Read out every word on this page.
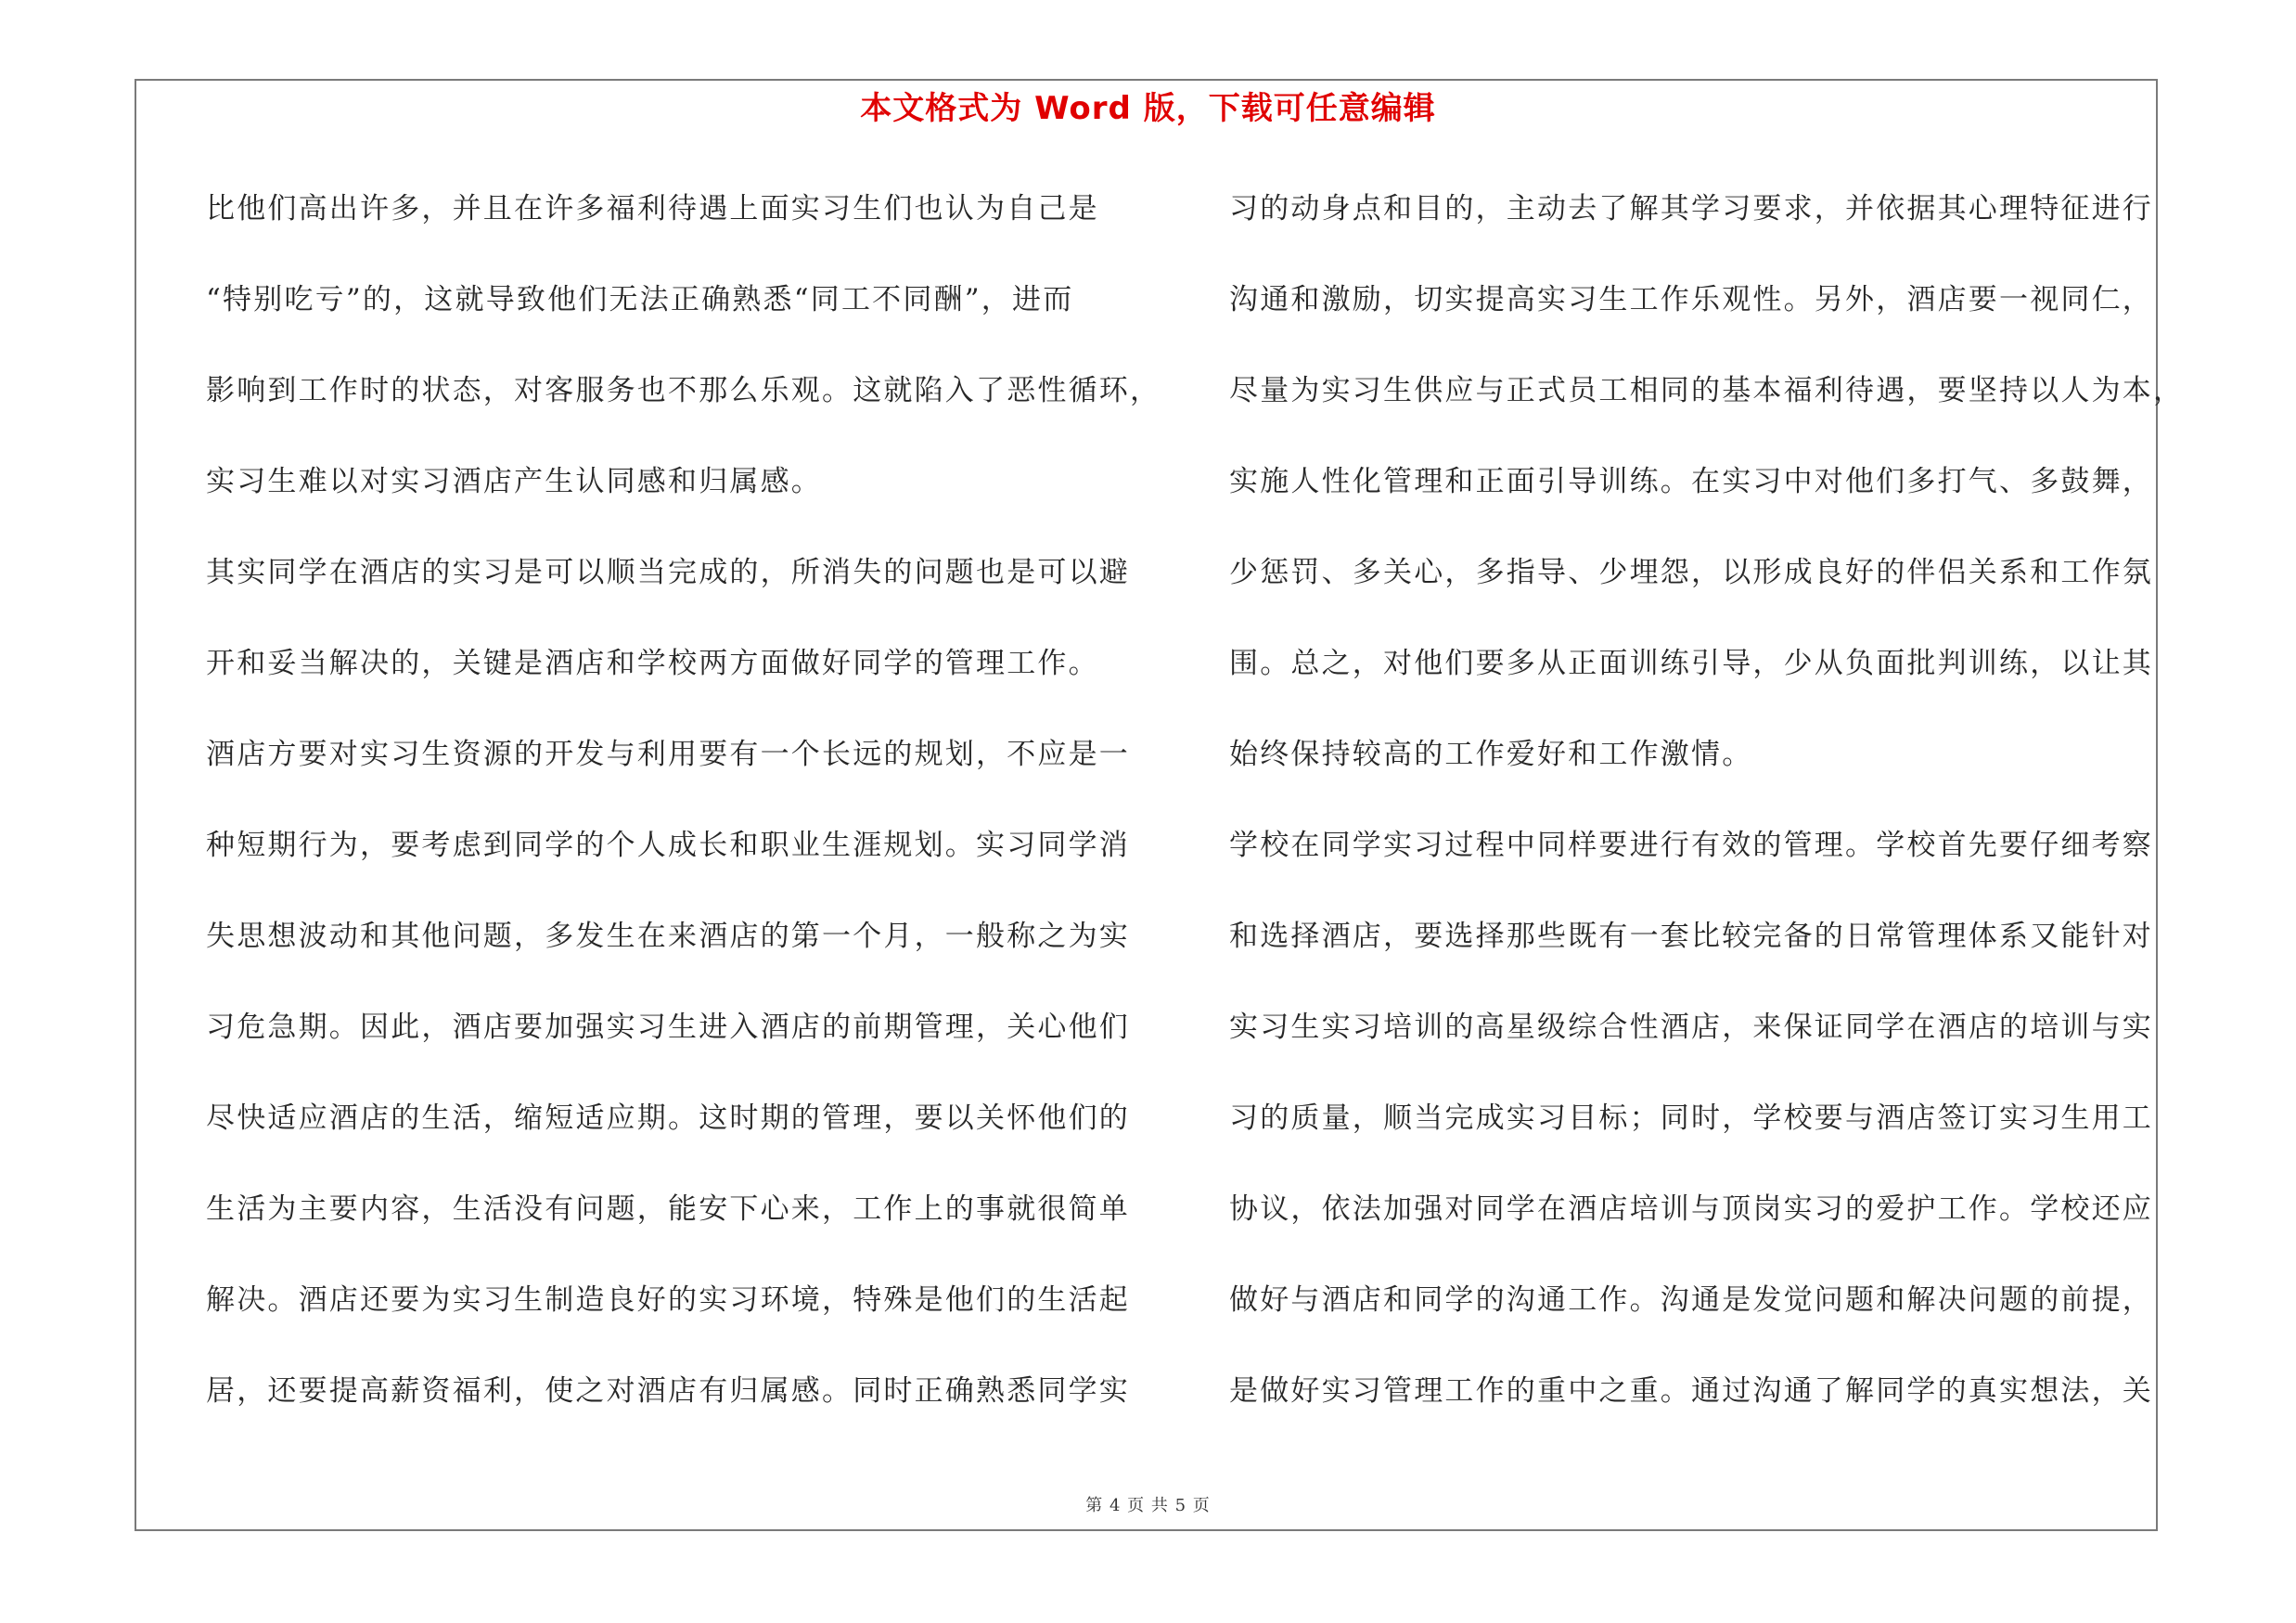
本文格式为 Word 版，下载可任意编辑
比他们高出许多，并且在许多福利待遇上面实习生们也认为自己是
“特别吃亏”的，这就导致他们无法正确熟悉“同工不同酬”，进而
影响到工作时的状态，对客服务也不那么乐观。这就陷入了恶性循环，
实习生难以对实习酒店产生认同感和归属感。
其实同学在酒店的实习是可以顺当完成的，所消失的问题也是可以避
开和妥当解决的，关键是酒店和学校两方面做好同学的管理工作。
酒店方要对实习生资源的开发与利用要有一个长远的规划，不应是一
种短期行为，要考虑到同学的个人成长和职业生涯规划。实习同学消
失思想波动和其他问题，多发生在来酒店的第一个月，一般称之为实
习危急期。因此，酒店要加强实习生进入酒店的前期管理，关心他们
尽快适应酒店的生活，缩短适应期。这时期的管理，要以关怀他们的
生活为主要内容，生活没有问题，能安下心来，工作上的事就很简单
解决。酒店还要为实习生制造良好的实习环境，特殊是他们的生活起
居，还要提高薪资福利，使之对酒店有归属感。同时正确熟悉同学实
习的动身点和目的，主动去了解其学习要求，并依据其心理特征进行
沟通和激励，切实提高实习生工作乐观性。另外，酒店要一视同仁，
尽量为实习生供应与正式员工相同的基本福利待遇，要坚持以人为本，
实施人性化管理和正面引导训练。在实习中对他们多打气、多鼓舞，
少惩罚、多关心，多指导、少埋怨，以形成良好的伴侣关系和工作氛
围。总之，对他们要多从正面训练引导，少从负面批判训练，以让其
始终保持较高的工作爱好和工作激情。
学校在同学实习过程中同样要进行有效的管理。学校首先要仔细考察
和选择酒店，要选择那些既有一套比较完备的日常管理体系又能针对
实习生实习培训的高星级综合性酒店，来保证同学在酒店的培训与实
习的质量，顺当完成实习目标；同时，学校要与酒店签订实习生用工
协议，依法加强对同学在酒店培训与顶岗实习的爱护工作。学校还应
做好与酒店和同学的沟通工作。沟通是发觉问题和解决问题的前提，
是做好实习管理工作的重中之重。通过沟通了解同学的真实想法，关
第 4 页 共 5 页
